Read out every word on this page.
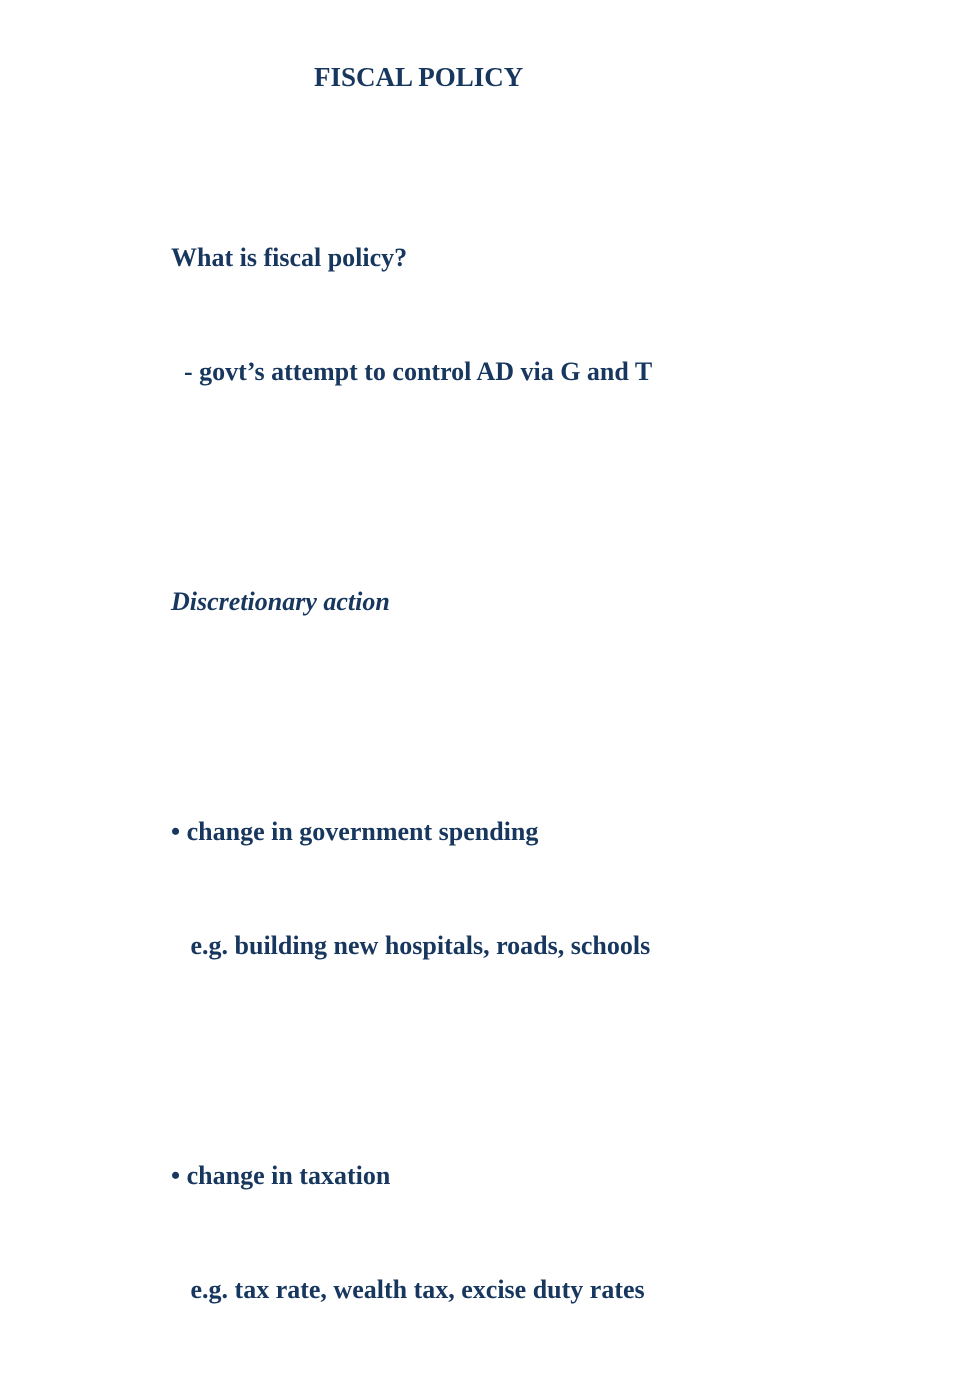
FISCAL POLICY

What is fiscal policy?

- govt’s attempt to control AD via G and T

Discretionary action

• change in government spending

e.g. building new hospitals, roads, schools

• change in taxation

e.g. tax rate, wealth tax, excise duty rates
